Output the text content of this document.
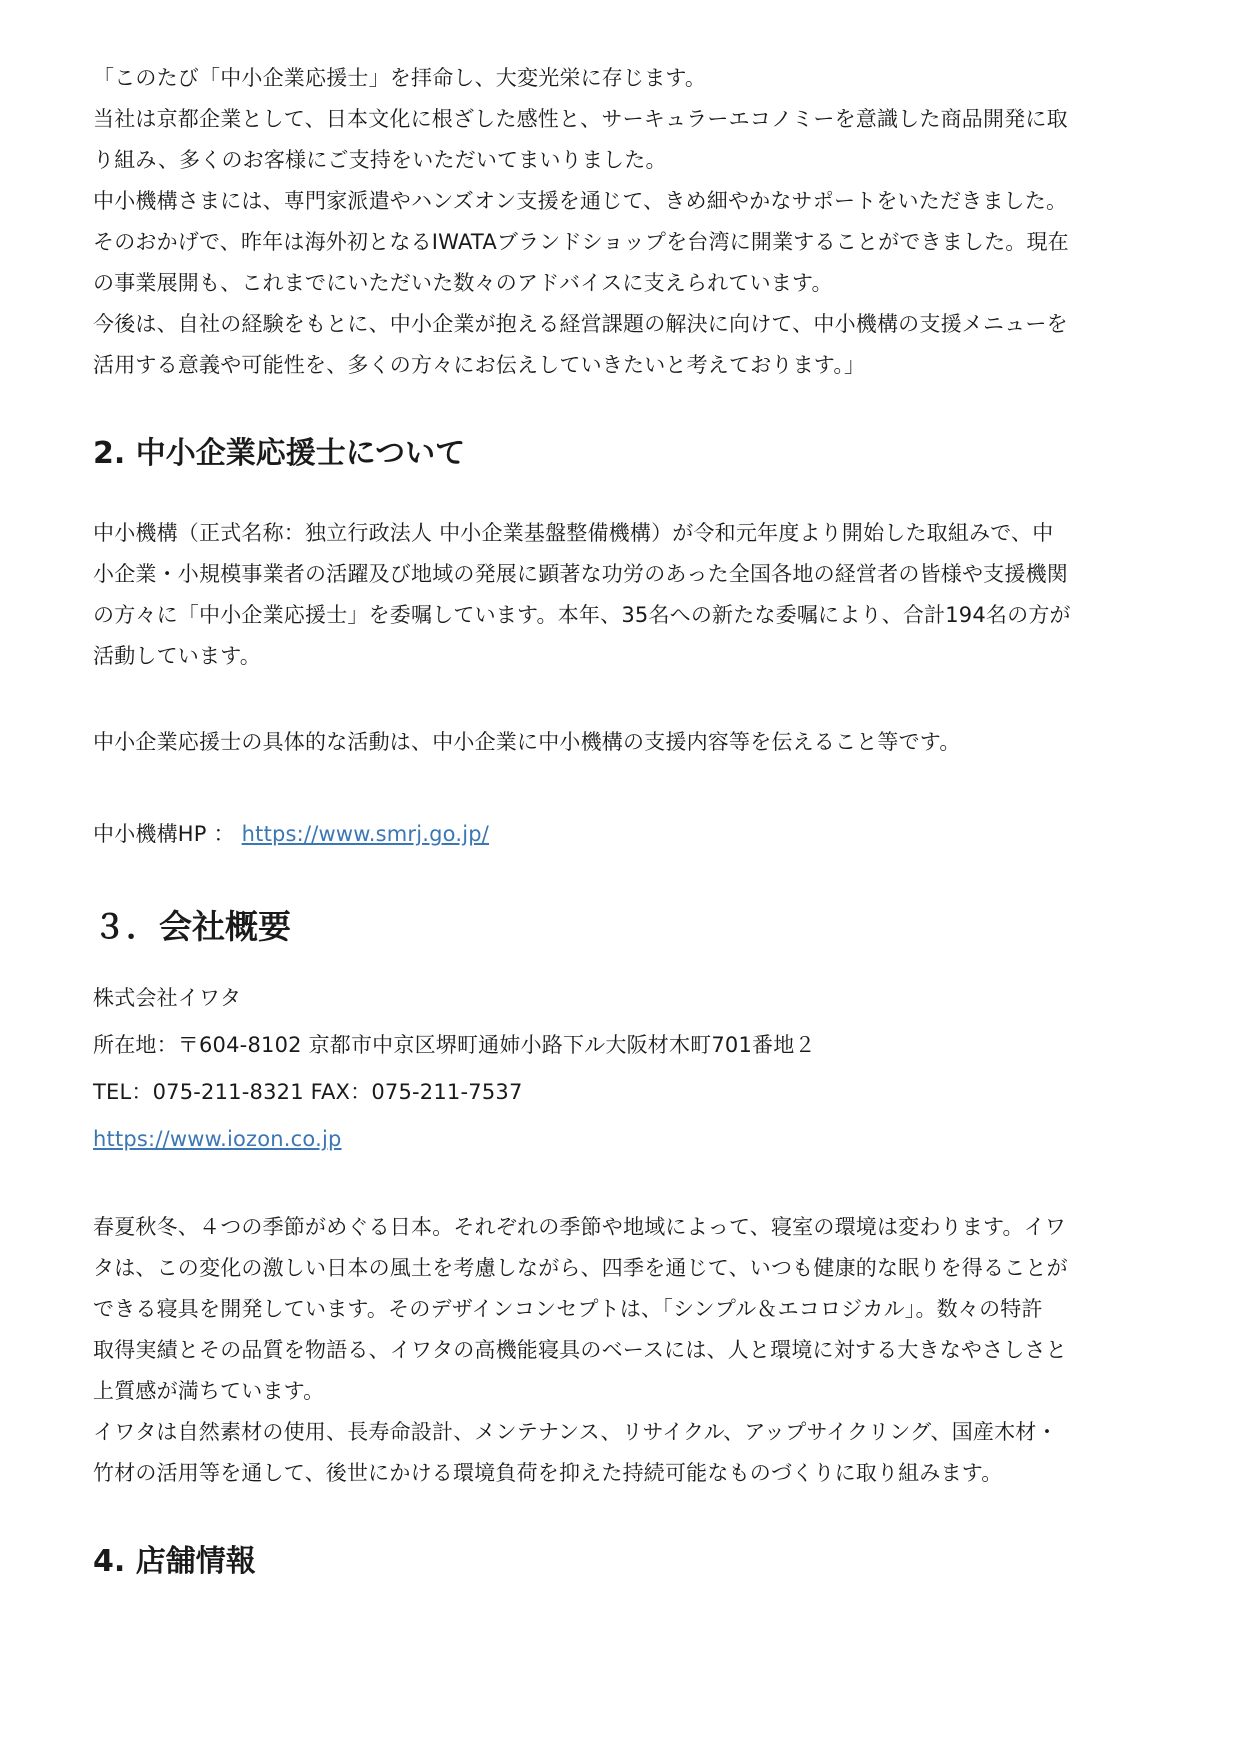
「このたび「中小企業応援士」を拝命し、大変光栄に存じます。
当社は京都企業として、日本文化に根ざした感性と、サーキュラーエコノミーを意識した商品開発に取
り組み、多くのお客様にご支持をいただいてまいりました。
中小機構さまには、専門家派遣やハンズオン支援を通じて、きめ細やかなサポートをいただきました。
そのおかげで、昨年は海外初となるIWATAブランドショップを台湾に開業することができました。現在
の事業展開も、これまでにいただいた数々のアドバイスに支えられています。
今後は、自社の経験をもとに、中小企業が抱える経営課題の解決に向けて、中小機構の支援メニューを
活用する意義や可能性を、多くの方々にお伝えしていきたいと考えております。」

2. 中小企業応援士について

中小機構（正式名称：独立行政法人 中小企業基盤整備機構）が令和元年度より開始した取組みで、中
小企業・小規模事業者の活躍及び地域の発展に顕著な功労のあった全国各地の経営者の皆様や支援機関
の方々に「中小企業応援士」を委嘱しています。本年、35名への新たな委嘱により、合計194名の方が
活動しています。

中小企業応援士の具体的な活動は、中小企業に中小機構の支援内容等を伝えること等です。

中小機構HP ： https://www.smrj.go.jp/

３．会社概要

株式会社イワタ
所在地：〒604-8102 京都市中京区堺町通姉小路下ル大阪材木町701番地２
TEL：075-211-8321 FAX：075-211-7537
https://www.iozon.co.jp

春夏秋冬、４つの季節がめぐる日本。それぞれの季節や地域によって、寝室の環境は変わります。イワ
タは、この変化の激しい日本の風土を考慮しながら、四季を通じて、いつも健康的な眠りを得ることが
できる寝具を開発しています。そのデザインコンセプトは、「シンプル＆エコロジカル」。数々の特許
取得実績とその品質を物語る、イワタの高機能寝具のベースには、人と環境に対する大きなやさしさと
上質感が満ちています。
イワタは自然素材の使用、長寿命設計、メンテナンス、リサイクル、アップサイクリング、国産木材・
竹材の活用等を通して、後世にかける環境負荷を抑えた持続可能なものづくりに取り組みます。

4. 店舗情報
